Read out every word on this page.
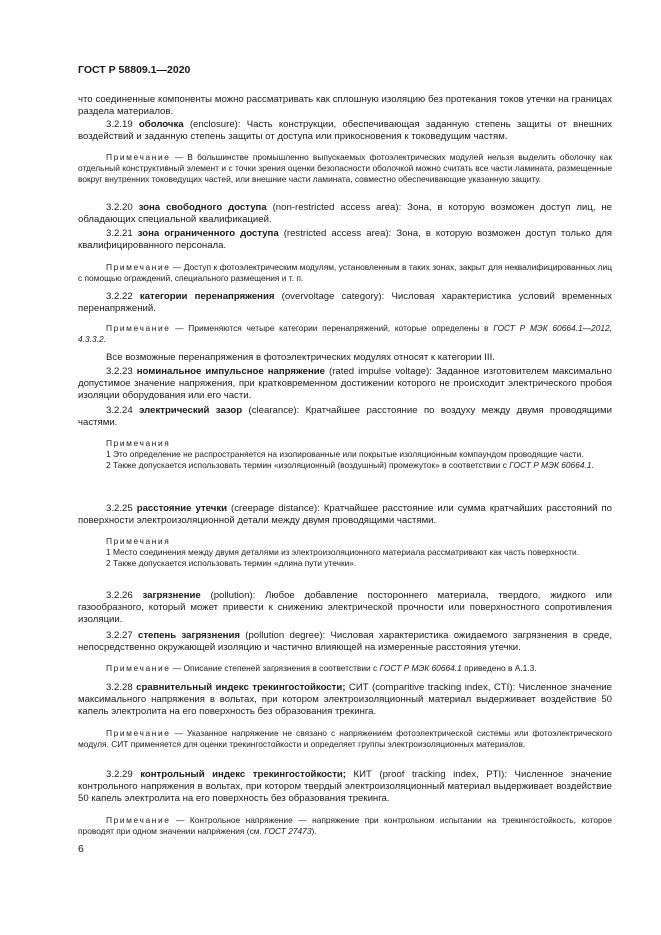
ГОСТ Р 58809.1—2020

что соединенные компоненты можно рассматривать как сплошную изоляцию без протекания токов утечки на границах раздела материалов.

3.2.19 оболочка (enclosure): Часть конструкции, обеспечивающая заданную степень защиты от внешних воздействий и заданную степень защиты от доступа или прикосновения к токоведущим частям.

Примечание — В большинстве промышленно выпускаемых фотоэлектрических модулей нельзя выделить оболочку как отдельный конструктивный элемент и с точки зрения оценки безопасности оболочкой можно считать все части ламината, размещенные вокруг внутренних токоведущих частей, или внешние части ламината, совместно обеспечивающие указанную защиту.

3.2.20 зона свободного доступа (non-restricted access area): Зона, в которую возможен доступ лиц, не обладающих специальной квалификацией.

3.2.21 зона ограниченного доступа (restricted access area): Зона, в которую возможен доступ только для квалифицированного персонала.

Примечание — Доступ к фотоэлектрическим модулям, установленным в таких зонах, закрыт для неквалифицированных лиц с помощью ограждений, специального размещения и т. п.

3.2.22 категории перенапряжения (overvoltage category): Числовая характеристика условий временных перенапряжений.

Примечание — Применяются четыре категории перенапряжений, которые определены в ГОСТ Р МЭК 60664.1—2012, 4.3.3.2.

Все возможные перенапряжения в фотоэлектрических модулях относят к категории III.

3.2.23 номинальное импульсное напряжение (rated impulse voltage): Заданное изготовителем максимально допустимое значение напряжения, при кратковременном достижении которого не происходит электрического пробоя изоляции оборудования или его части.

3.2.24 электрический зазор (clearance): Кратчайшее расстояние по воздуху между двумя проводящими частями.

Примечания
1 Это определение не распространяется на изолированные или покрытые изоляционным компаундом проводящие части.
2 Также допускается использовать термин «изоляционный (воздушный) промежуток» в соответствии с ГОСТ Р МЭК 60664.1.

3.2.25 расстояние утечки (creepage distance): Кратчайшее расстояние или сумма кратчайших расстояний по поверхности электроизоляционной детали между двумя проводящими частями.

Примечания
1 Место соединения между двумя деталями из электроизоляционного материала рассматривают как часть поверхности.
2 Также допускается использовать термин «длина пути утечки».

3.2.26 загрязнение (pollution): Любое добавление постороннего материала, твердого, жидкого или газообразного, который может привести к снижению электрической прочности или поверхностного сопротивления изоляции.

3.2.27 степень загрязнения (pollution degree): Числовая характеристика ожидаемого загрязнения в среде, непосредственно окружающей изоляцию и частично влияющей на измеренные расстояния утечки.

Примечание — Описание степеней загрязнения в соответствии с ГОСТ Р МЭК 60664.1 приведено в А.1.3.

3.2.28 сравнительный индекс трекингостойкости; СИТ (comparitive tracking index, CTI): Численное значение максимального напряжения в вольтах, при котором электроизоляционный материал выдерживает воздействие 50 капель электролита на его поверхность без образования трекинга.

Примечание — Указанное напряжение не связано с напряжением фотоэлектрической системы или фотоэлектрического модуля. СИТ применяется для оценки трекингостойкости и определяет группы электроизоляционных материалов.

3.2.29 контрольный индекс трекингостойкости; КИТ (proof tracking index, PTI): Численное значение контрольного напряжения в вольтах, при котором твердый электроизоляционный материал выдерживает воздействие 50 капель электролита на его поверхность без образования трекинга.

Примечание — Контрольное напряжение — напряжение при контрольном испытании на трекингостойкость, которое проводят при одном значении напряжения (см. ГОСТ 27473).

6
